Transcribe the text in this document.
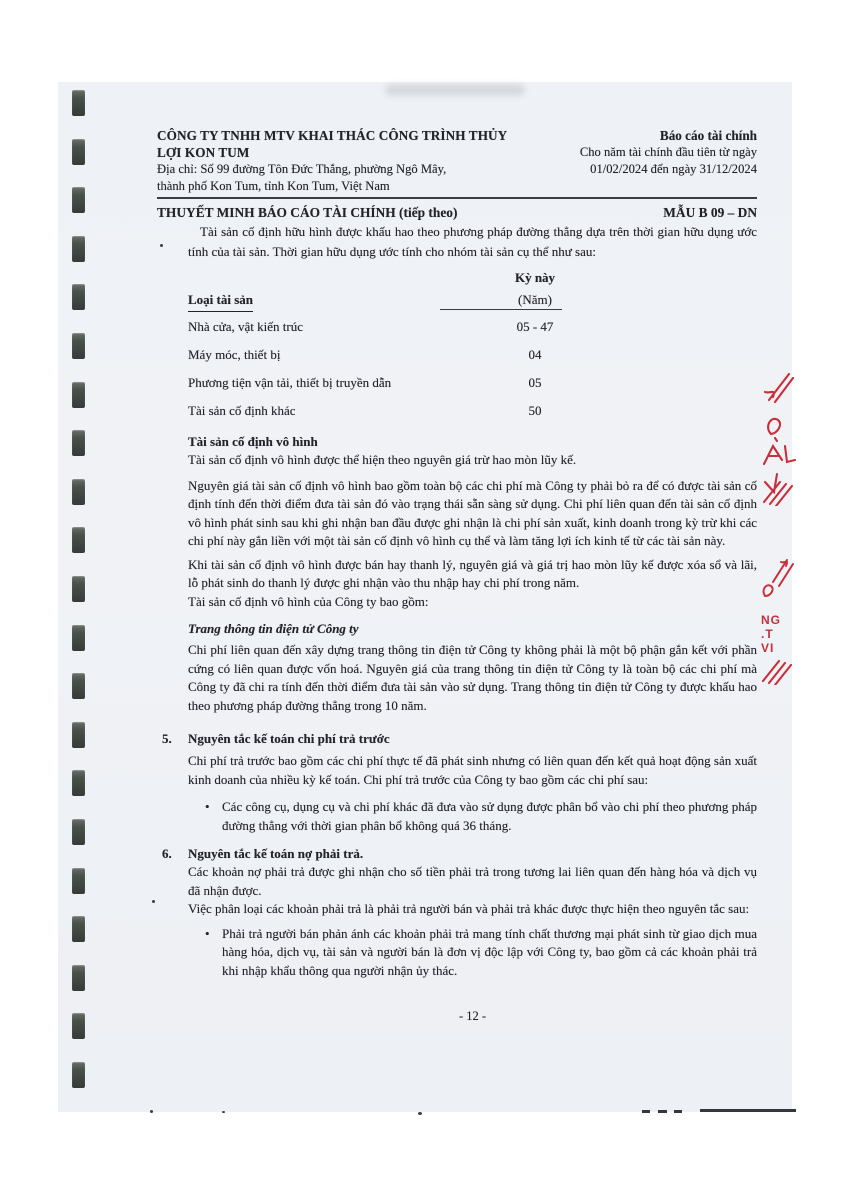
CÔNG TY TNHH MTV KHAI THÁC CÔNG TRÌNH THỦY LỢI KON TUM
Địa chỉ: Số 99 đường Tôn Đức Thắng, phường Ngô Mây,
thành phố Kon Tum, tỉnh Kon Tum, Việt Nam
Báo cáo tài chính
Cho năm tài chính đầu tiên từ ngày
01/02/2024 đến ngày 31/12/2024
THUYẾT MINH BÁO CÁO TÀI CHÍNH (tiếp theo)	MẪU B 09 – DN

Tài sản cố định hữu hình được khấu hao theo phương pháp đường thẳng dựa trên thời gian hữu dụng ước tính của tài sản. Thời gian hữu dụng ước tính cho nhóm tài sản cụ thể như sau:

Kỳ này
Loại tài sản	(Năm)
Nhà cửa, vật kiến trúc	05 - 47
Máy móc, thiết bị	04
Phương tiện vận tải, thiết bị truyền dẫn	05
Tài sản cố định khác	50

Tài sản cố định vô hình

Tài sản cố định vô hình được thể hiện theo nguyên giá trừ hao mòn lũy kế.

Nguyên giá tài sản cố định vô hình bao gồm toàn bộ các chi phí mà Công ty phải bỏ ra để có được tài sản cố định tính đến thời điểm đưa tài sản đó vào trạng thái sẵn sàng sử dụng. Chi phí liên quan đến tài sản cố định vô hình phát sinh sau khi ghi nhận ban đầu được ghi nhận là chi phí sản xuất, kinh doanh trong kỳ trừ khi các chi phí này gắn liền với một tài sản cố định vô hình cụ thể và làm tăng lợi ích kinh tế từ các tài sản này.

Khi tài sản cố định vô hình được bán hay thanh lý, nguyên giá và giá trị hao mòn lũy kế được xóa sổ và lãi, lỗ phát sinh do thanh lý được ghi nhận vào thu nhập hay chi phí trong năm.

Tài sản cố định vô hình của Công ty bao gồm:

Trang thông tin điện tử Công ty

Chi phí liên quan đến xây dựng trang thông tin điện tử Công ty không phải là một bộ phận gắn kết với phần cứng có liên quan được vốn hoá. Nguyên giá của trang thông tin điện tử Công ty là toàn bộ các chi phí mà Công ty đã chi ra tính đến thời điểm đưa tài sản vào sử dụng. Trang thông tin điện tử Công ty được khấu hao theo phương pháp đường thẳng trong 10 năm.

5. Nguyên tắc kế toán chi phí trả trước

Chi phí trả trước bao gồm các chi phí thực tế đã phát sinh nhưng có liên quan đến kết quả hoạt động sản xuất kinh doanh của nhiều kỳ kế toán. Chi phí trả trước của Công ty bao gồm các chi phí sau:

• Các công cụ, dụng cụ và chi phí khác đã đưa vào sử dụng được phân bổ vào chi phí theo phương pháp đường thẳng với thời gian phân bổ không quá 36 tháng.
6. Nguyên tắc kế toán nợ phải trả.

Các khoản nợ phải trả được ghi nhận cho số tiền phải trả trong tương lai liên quan đến hàng hóa và dịch vụ đã nhận được.

Việc phân loại các khoản phải trả là phải trả người bán và phải trả khác được thực hiện theo nguyên tắc sau:

• Phải trả người bán phản ánh các khoản phải trả mang tính chất thương mại phát sinh từ giao dịch mua hàng hóa, dịch vụ, tài sản và người bán là đơn vị độc lập với Công ty, bao gồm cả các khoản phải trả khi nhập khẩu thông qua người nhận ủy thác.
- 12 -
NG
.T
VI
